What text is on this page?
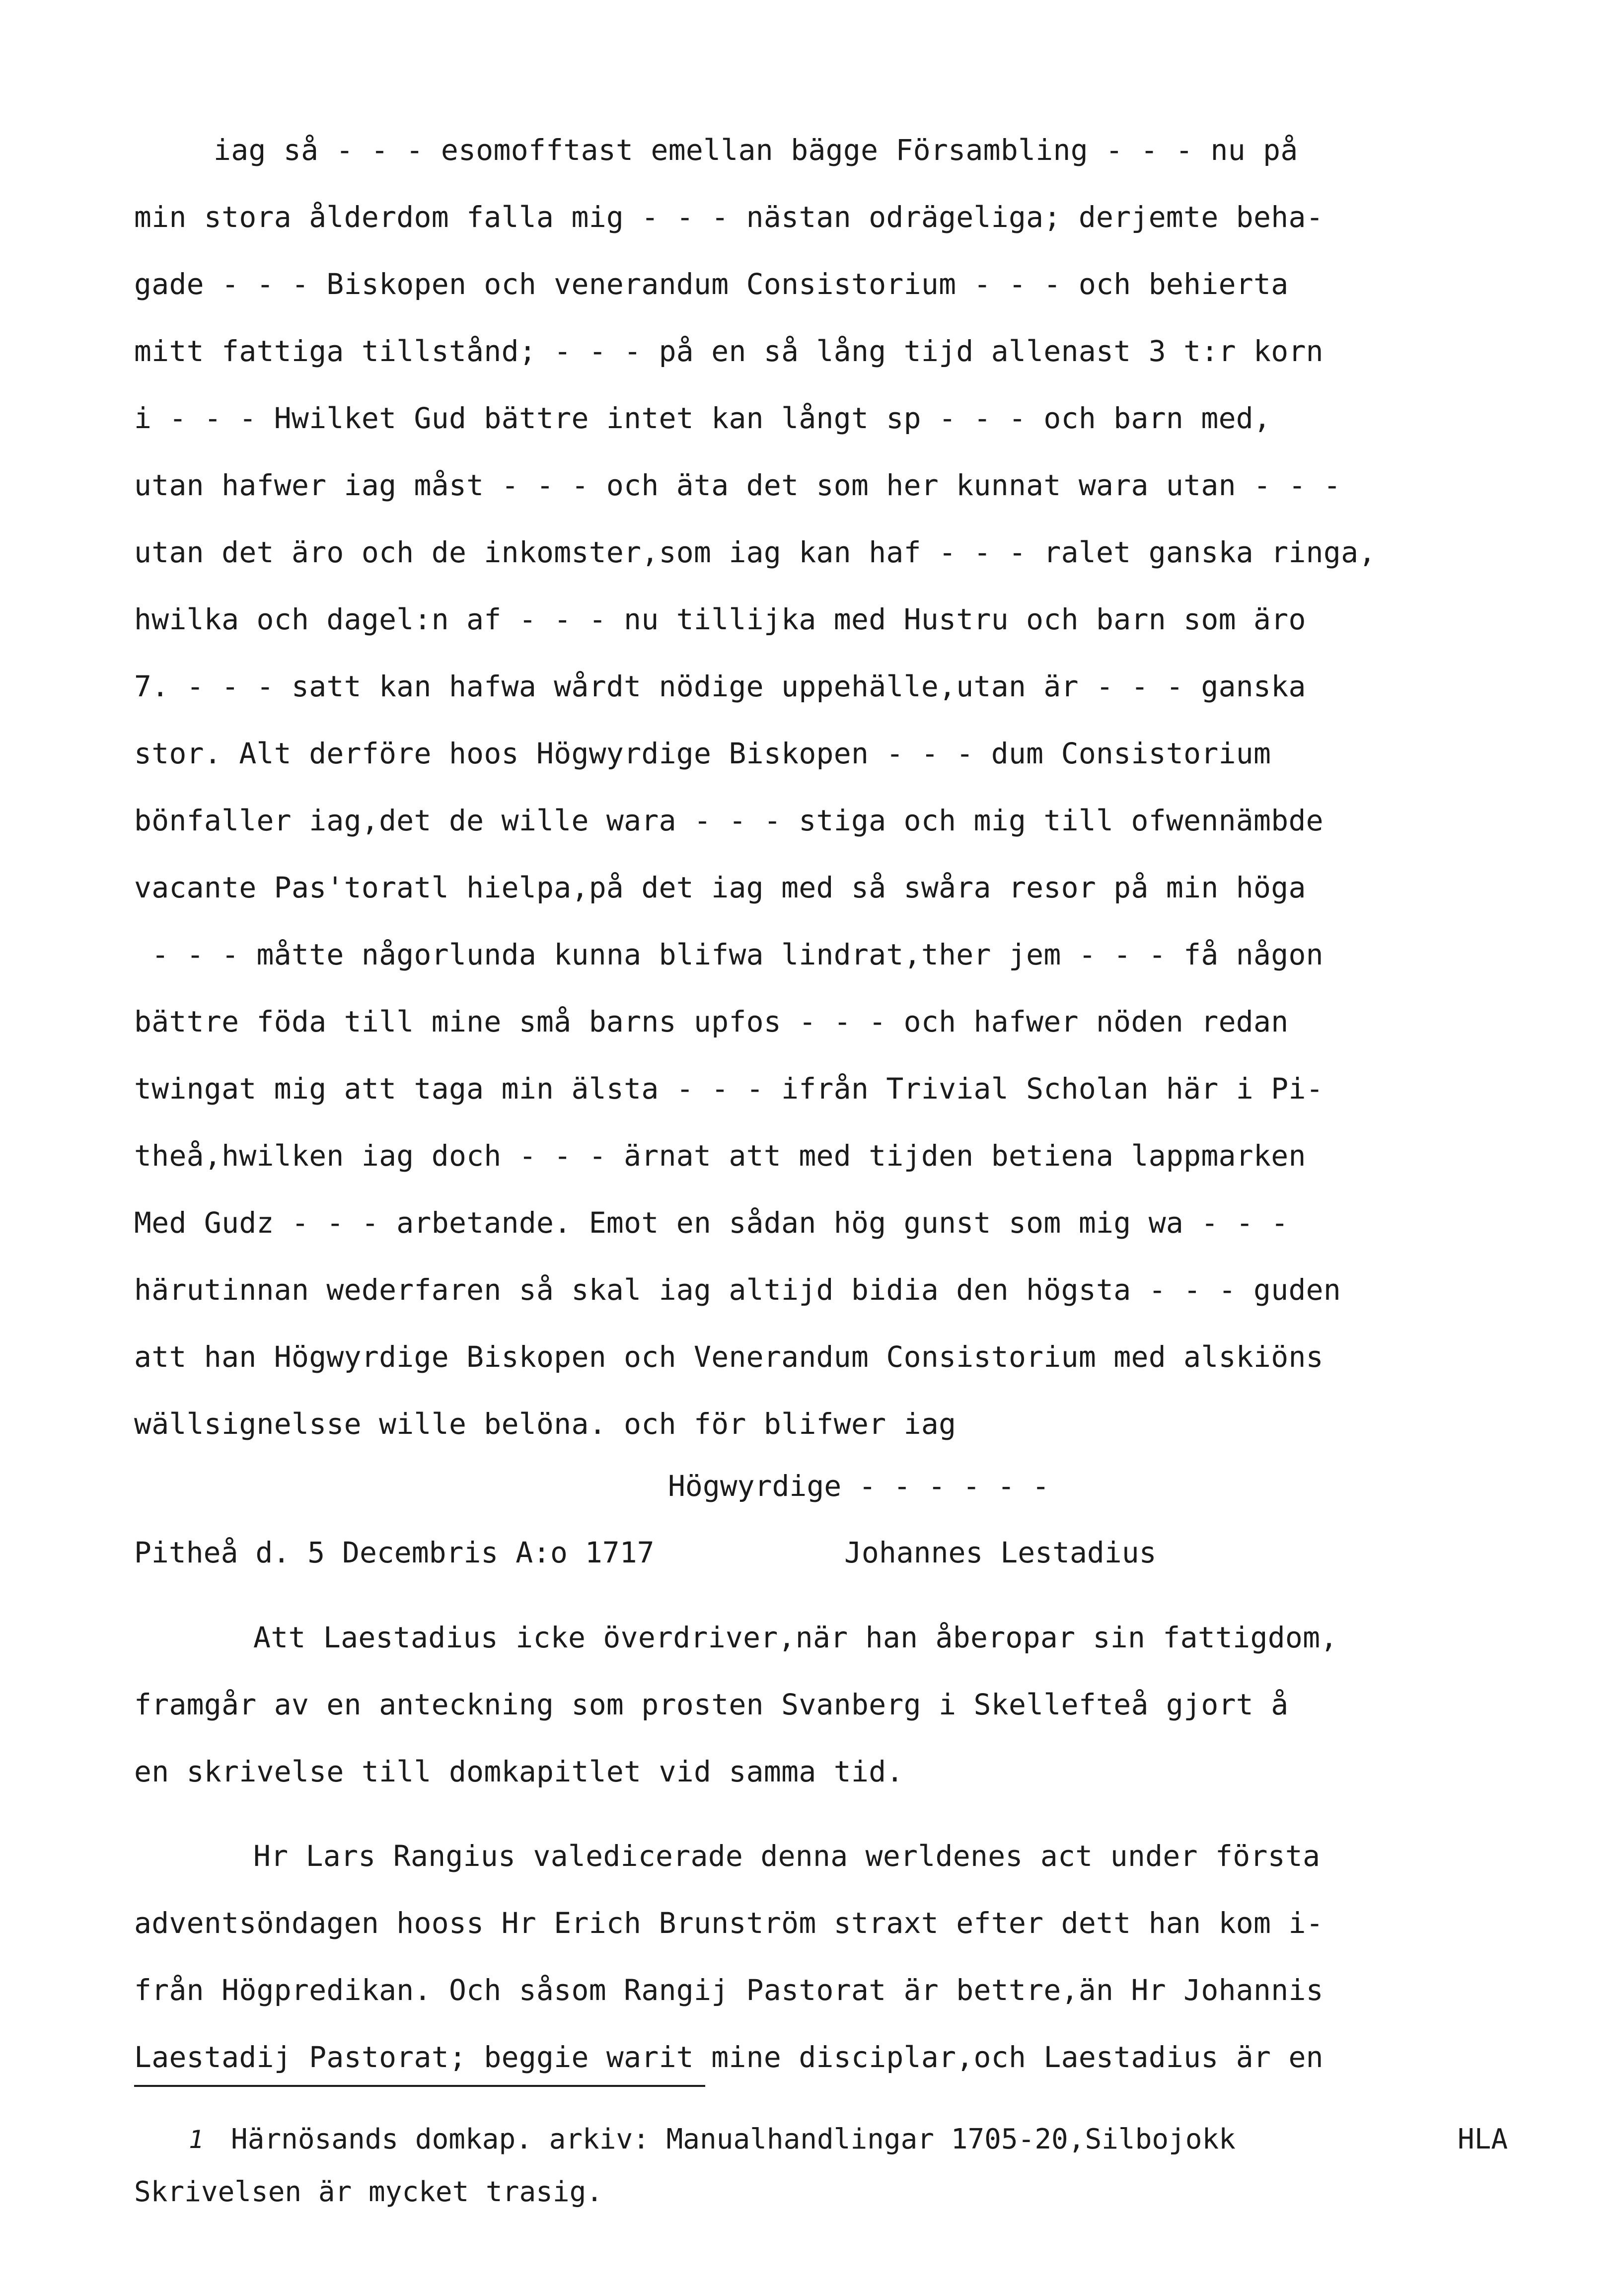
iag så - - - esomofftast emellan bägge Försambling - - - nu på
min stora ålderdom falla mig - - - nästan odrägeliga; derjemte beha-
gade - - - Biskopen och venerandum Consistorium - - - och behierta
mitt fattiga tillstånd; - - - på en så lång tijd allenast 3 t:r korn
i - - - Hwilket Gud bättre intet kan långt sp - - - och barn med,
utan hafwer iag måst - - - och äta det som her kunnat wara utan - - -
utan det äro och de inkomster,som iag kan haf - - - ralet ganska ringa,
hwilka och dagel:n af - - - nu tillijka med Hustru och barn som äro
7. - - - satt kan hafwa wårdt nödige uppehälle,utan är - - - ganska
stor. Alt derföre hoos Högwyrdige Biskopen - - - dum Consistorium
bönfaller iag,det de wille wara - - - stiga och mig till ofwennämbde
vacante Pas'toratl hielpa,på det iag med så swåra resor på min höga
- - - måtte någorlunda kunna blifwa lindrat,ther jem - - - få någon
bättre föda till mine små barns upfos - - - och hafwer nöden redan
twingat mig att taga min älsta - - - ifrån Trivial Scholan här i Pi-
theå,hwilken iag doch - - - ärnat att med tijden betiena lappmarken
Med Gudz - - - arbetande. Emot en sådan hög gunst som mig wa - - -
härutinnan wederfaren så skal iag altijd bidia den högsta - - - guden
att han Högwyrdige Biskopen och Venerandum Consistorium med alskiöns
wällsignelsse wille belöna. och för blifwer iag
Högwyrdige - - - - - -
Pitheå d. 5 Decembris A:o 1717	Johannes Lestadius
Att Laestadius icke överdriver,när han åberopar sin fattigdom,
framgår av en anteckning som prosten Svanberg i Skellefteå gjort å
en skrivelse till domkapitlet vid samma tid.
Hr Lars Rangius valedicerade denna werldenes act under första
adventsöndagen hooss Hr Erich Brunström straxt efter dett han kom i-
från Högpredikan. Och såsom Rangij Pastorat är bettre,än Hr Johannis
Laestadij Pastorat; beggie warit mine disciplar,och Laestadius är en
1 Härnösands domkap. arkiv: Manualhandlingar 1705-20,Silbojokk	HLA
Skrivelsen är mycket trasig.
